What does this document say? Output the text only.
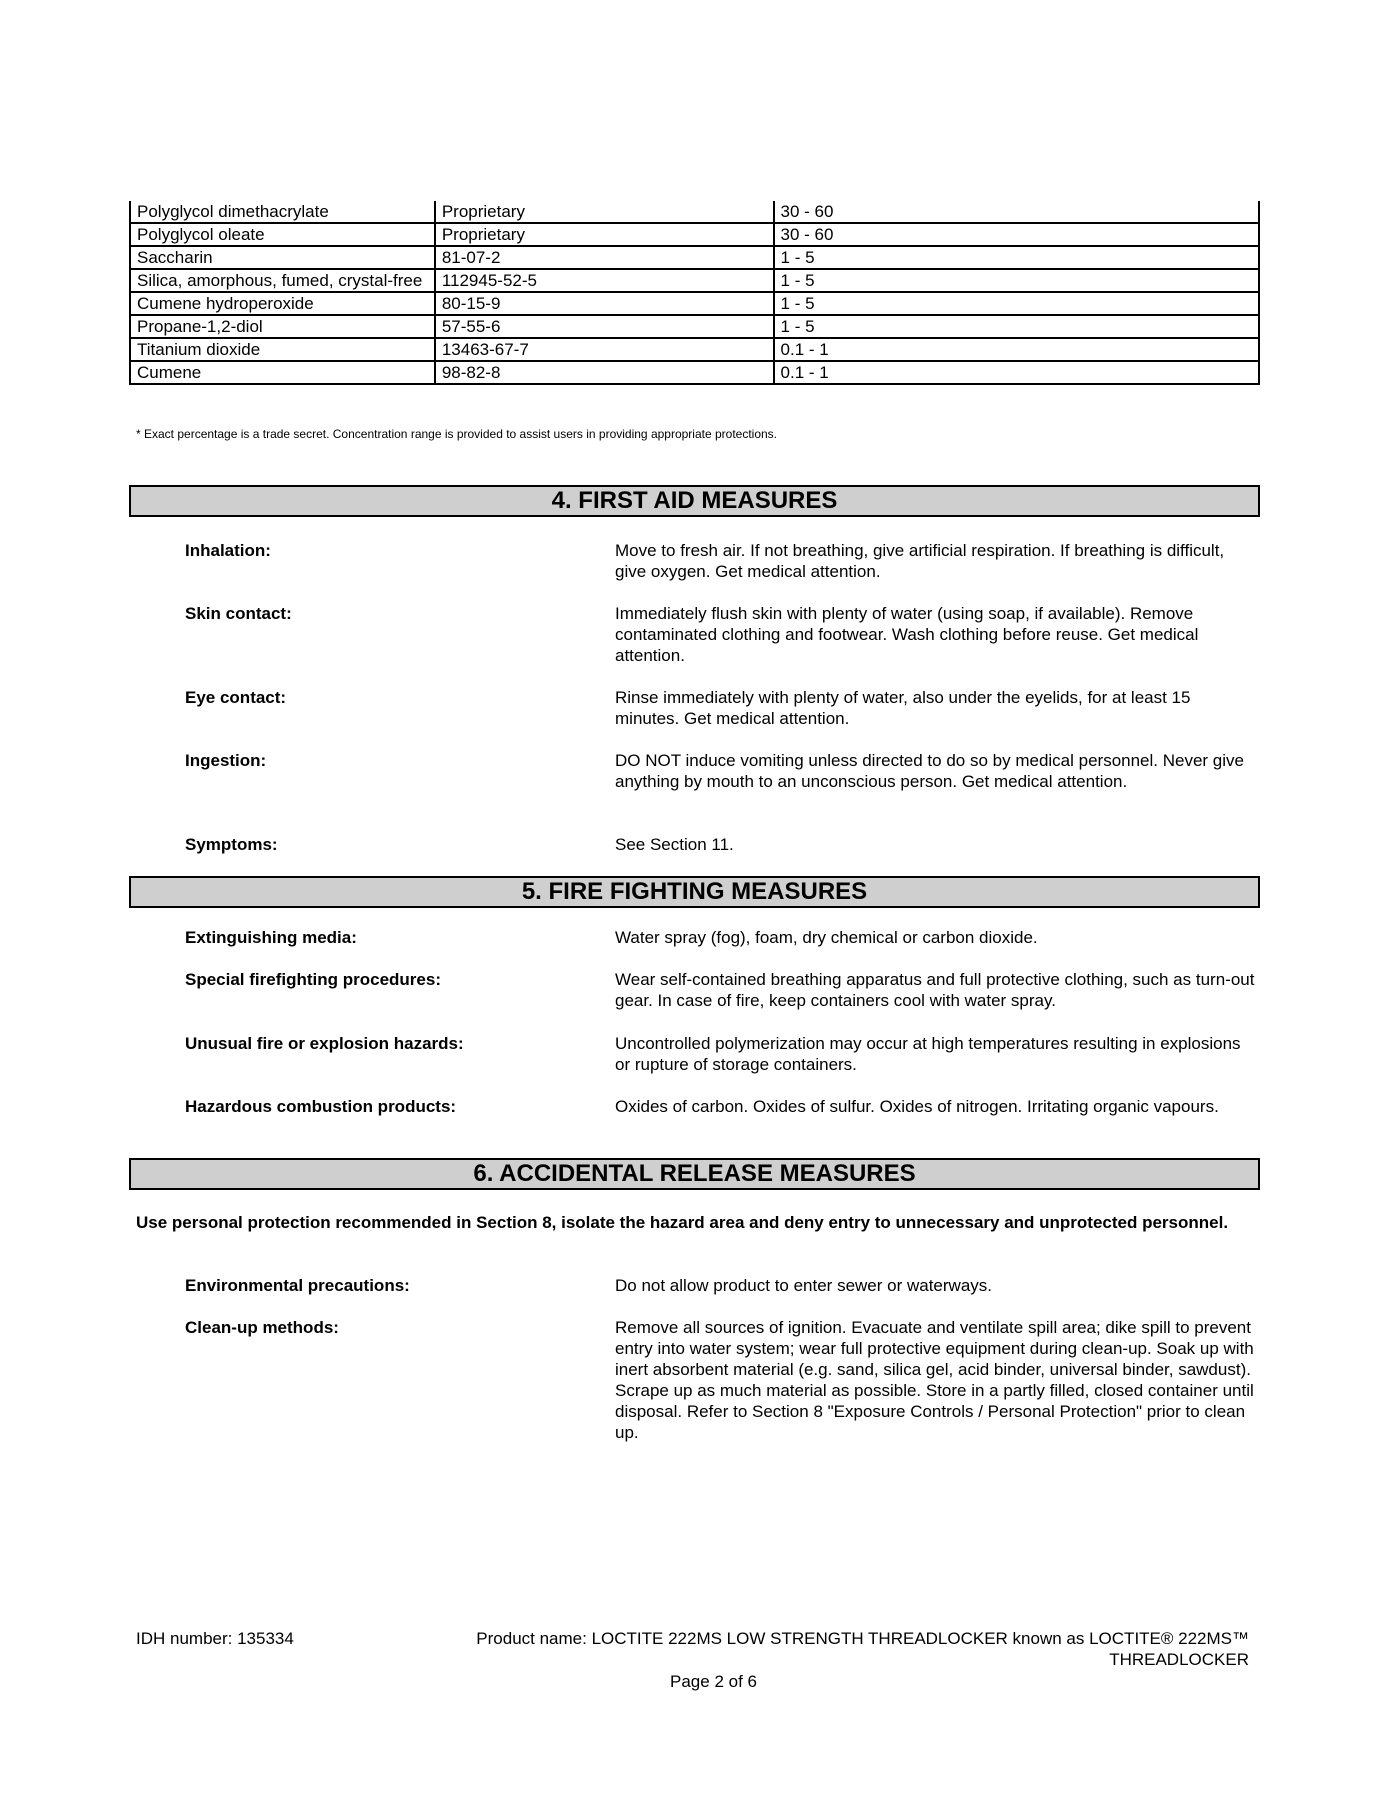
Polyglycol dimethacrylate	Proprietary	30 - 60
Polyglycol oleate	Proprietary	30 - 60
Saccharin	81-07-2	1 - 5
Silica, amorphous, fumed, crystal-free	112945-52-5	1 - 5
Cumene hydroperoxide	80-15-9	1 - 5
Propane-1,2-diol	57-55-6	1 - 5
Titanium dioxide	13463-67-7	0.1 - 1
Cumene	98-82-8	0.1 - 1
* Exact percentage is a trade secret. Concentration range is provided to assist users in providing appropriate protections.
4. FIRST AID MEASURES
Inhalation:	Move to fresh air. If not breathing, give artificial respiration. If breathing is difficult, give oxygen. Get medical attention.
Skin contact:	Immediately flush skin with plenty of water (using soap, if available). Remove contaminated clothing and footwear. Wash clothing before reuse. Get medical attention.
Eye contact:	Rinse immediately with plenty of water, also under the eyelids, for at least 15 minutes. Get medical attention.
Ingestion:	DO NOT induce vomiting unless directed to do so by medical personnel. Never give anything by mouth to an unconscious person. Get medical attention.
Symptoms:	See Section 11.
5. FIRE FIGHTING MEASURES
Extinguishing media:	Water spray (fog), foam, dry chemical or carbon dioxide.
Special firefighting procedures:	Wear self-contained breathing apparatus and full protective clothing, such as turn-out gear. In case of fire, keep containers cool with water spray.
Unusual fire or explosion hazards:	Uncontrolled polymerization may occur at high temperatures resulting in explosions or rupture of storage containers.
Hazardous combustion products:	Oxides of carbon. Oxides of sulfur. Oxides of nitrogen. Irritating organic vapours.
6. ACCIDENTAL RELEASE MEASURES
Use personal protection recommended in Section 8, isolate the hazard area and deny entry to unnecessary and unprotected personnel.
Environmental precautions:	Do not allow product to enter sewer or waterways.
Clean-up methods:	Remove all sources of ignition. Evacuate and ventilate spill area; dike spill to prevent entry into water system; wear full protective equipment during clean-up. Soak up with inert absorbent material (e.g. sand, silica gel, acid binder, universal binder, sawdust). Scrape up as much material as possible. Store in a partly filled, closed container until disposal. Refer to Section 8 "Exposure Controls / Personal Protection" prior to clean up.
IDH number: 135334	Product name: LOCTITE 222MS LOW STRENGTH THREADLOCKER known as LOCTITE® 222MS™
THREADLOCKER
Page 2 of 6
